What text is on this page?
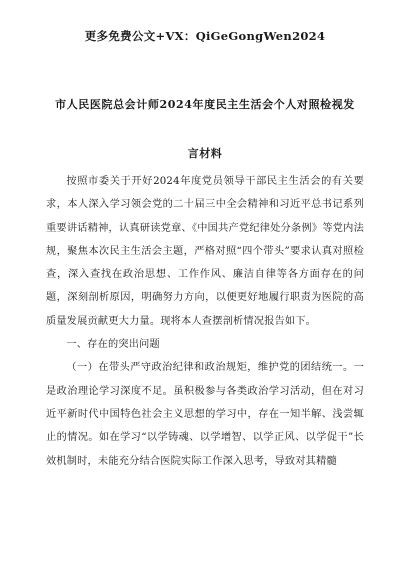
更多免费公文+VX：QiGeGongWen2024
市人民医院总会计师2024年度民主生活会个人对照检视发
言材料

按照市委关于开好2024年度党员领导干部民主生活会的有关要求，本人深入学习领会党的二十届三中全会精神和习近平总书记系列重要讲话精神，认真研读党章、《中国共产党纪律处分条例》等党内法规，聚焦本次民主生活会主题，严格对照“四个带头”要求认真对照检查，深入查找在政治思想、工作作风、廉洁自律等各方面存在的问题，深刻剖析原因，明确努力方向，以便更好地履行职责为医院的高质量发展贡献更大力量。现将本人查摆剖析情况报告如下。

一、存在的突出问题

（一）在带头严守政治纪律和政治规矩，维护党的团结统一。一是政治理论学习深度不足。虽积极参与各类政治学习活动，但在对习近平新时代中国特色社会主义思想的学习中，存在一知半解、浅尝辄止的情况。如在学习“以学铸魂、以学增智、以学正风、以学促干”长效机制时，未能充分结合医院实际工作深入思考，导致对其精髓
